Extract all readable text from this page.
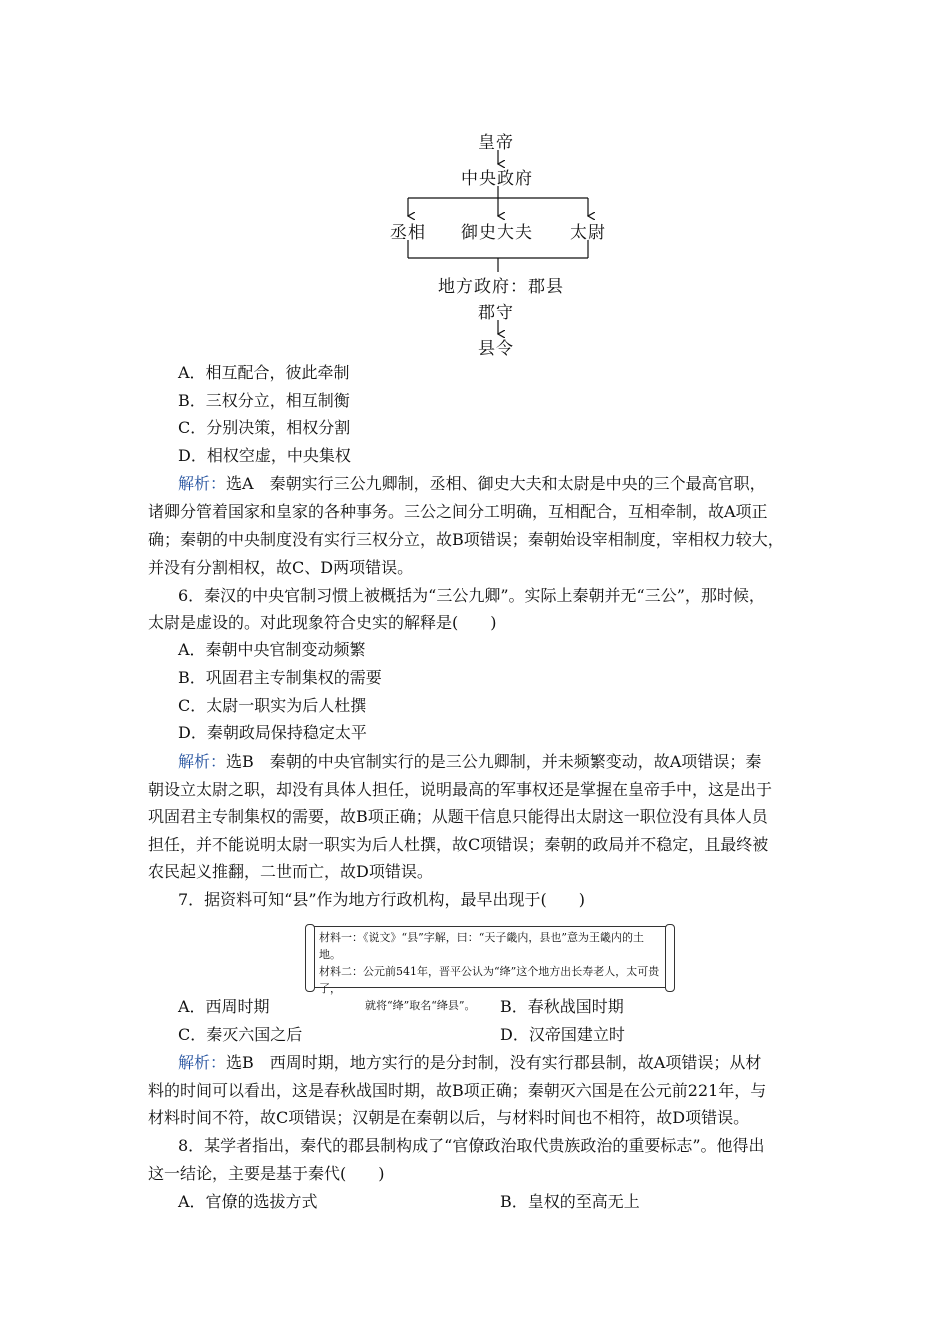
皇帝
中央政府
丞相 御史大夫 太尉
地方政府：郡县
郡守
县令
A．相互配合，彼此牵制
B．三权分立，相互制衡
C．分别决策，相权分割
D．相权空虚，中央集权
解析：选A　秦朝实行三公九卿制，丞相、御史大夫和太尉是中央的三个最高官职，
诸卿分管着国家和皇家的各种事务。三公之间分工明确，互相配合，互相牵制，故A项正
确；秦朝的中央制度没有实行三权分立，故B项错误；秦朝始设宰相制度，宰相权力较大，
并没有分割相权，故C、D两项错误。
6．秦汉的中央官制习惯上被概括为“三公九卿”。实际上秦朝并无“三公”，那时候，
太尉是虚设的。对此现象符合史实的解释是(　　)
A．秦朝中央官制变动频繁
B．巩固君主专制集权的需要
C．太尉一职实为后人杜撰
D．秦朝政局保持稳定太平
解析：选B　秦朝的中央官制实行的是三公九卿制，并未频繁变动，故A项错误；秦
朝设立太尉之职，却没有具体人担任，说明最高的军事权还是掌握在皇帝手中，这是出于
巩固君主专制集权的需要，故B项正确；从题干信息只能得出太尉这一职位没有具体人员
担任，并不能说明太尉一职实为后人杜撰，故C项错误；秦朝的政局并不稳定，且最终被
农民起义推翻，二世而亡，故D项错误。
7．据资料可知“县”作为地方行政机构，最早出现于(　　)
材料一：《说文》“县”字解，曰：“天子畿内，县也”意为王畿内的土地。
材料二：公元前541年，晋平公认为“绛”这个地方出长寿老人，太可贵了，
就将“绛”取名“绛县”。
A．西周时期	B．春秋战国时期
C．秦灭六国之后	D．汉帝国建立时
解析：选B　西周时期，地方实行的是分封制，没有实行郡县制，故A项错误；从材
料的时间可以看出，这是春秋战国时期，故B项正确；秦朝灭六国是在公元前221年，与
材料时间不符，故C项错误；汉朝是在秦朝以后，与材料时间也不相符，故D项错误。
8．某学者指出，秦代的郡县制构成了“官僚政治取代贵族政治的重要标志”。他得出
这一结论，主要是基于秦代(　　)
A．官僚的选拔方式	B．皇权的至高无上
